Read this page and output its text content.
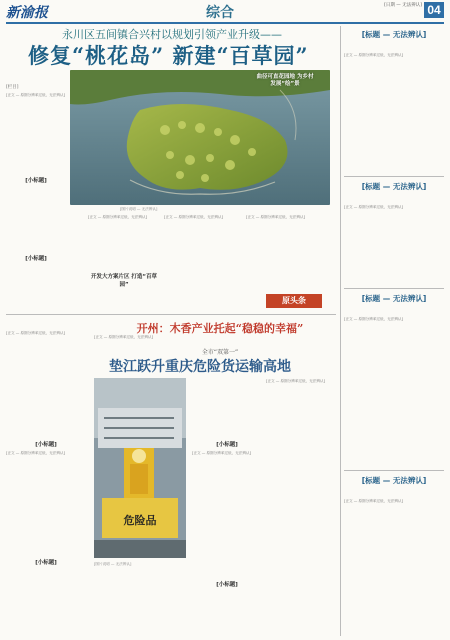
新渝报	综合	[日期 — 无法辨认] 04
永川区五间镇合兴村以规划引领产业升级——
修复“桃花岛” 新建“百草园”
[栏目]
[正文 — 原图分辨率过低，无法辨认]
[小标题]
[小标题]
曲径可直花园地 为乡村发展“绘”景
[图片说明 — 无法辨认]
[正文 — 原图分辨率过低，无法辨认]
开发大方案片区 打造“百草园”
[正文 — 原图分辨率过低，无法辨认]	[正文 — 原图分辨率过低，无法辨认]
原头条
开州：木香产业托起“稳稳的幸福”
[正文 — 原图分辨率过低，无法辨认]
[正文 — 原图分辨率过低，无法辨认]
全市“双第一”
垫江跃升重庆危险货运输高地
[小标题]
[正文 — 原图分辨率过低，无法辨认]
[小标题]
危险品
[图片说明 — 无法辨认]
[小标题]
[正文 — 原图分辨率过低，无法辨认]
[正文 — 原图分辨率过低，无法辨认]
[小标题]
[标题 — 无法辨认]
[正文 — 原图分辨率过低，无法辨认]
[标题 — 无法辨认]
[正文 — 原图分辨率过低，无法辨认]
[标题 — 无法辨认]
[正文 — 原图分辨率过低，无法辨认]
[标题 — 无法辨认]
[正文 — 原图分辨率过低，无法辨认]
